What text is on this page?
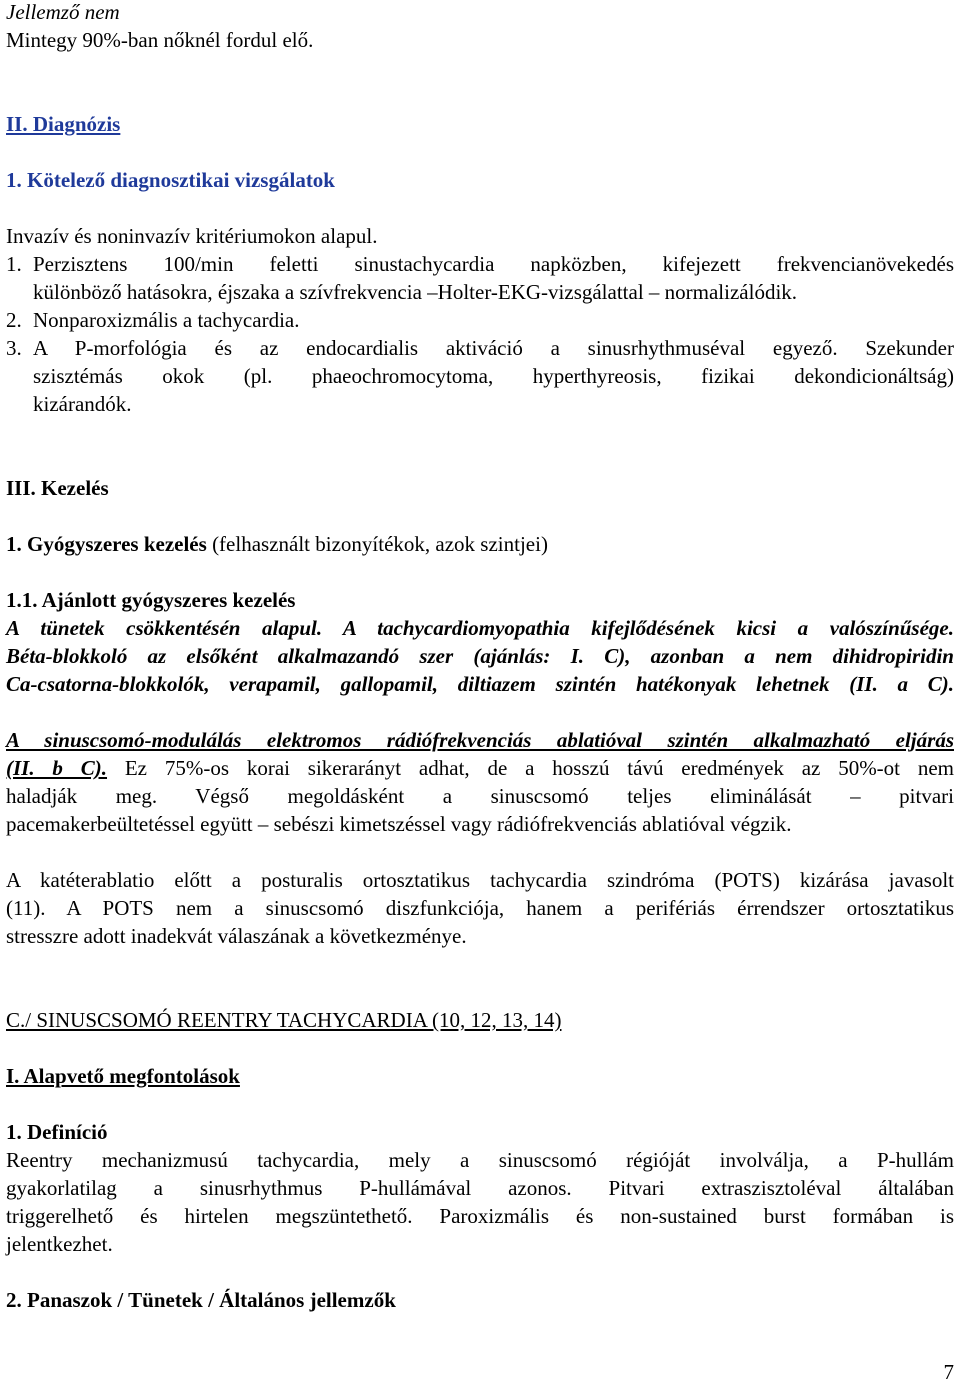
Jellemző nem
Mintegy 90%-ban nőknél fordul elő.
II. Diagnózis
1. Kötelező diagnosztikai vizsgálatok
Invazív és noninvazív kritériumokon alapul.
1. Perzisztens 100/min feletti sinustachycardia napközben, kifejezett frekvencianövekedés
különböző hatásokra, éjszaka a szívfrekvencia –Holter-EKG-vizsgálattal – normalizálódik.
2. Nonparoxizmális a tachycardia.
3. A P-morfológia és az endocardialis aktiváció a sinusrhythmuséval egyező. Szekunder
szisztémás okok (pl. phaeochromocytoma, hyperthyreosis, fizikai dekondicionáltság)
kizárandók.
III. Kezelés
1. Gyógyszeres kezelés (felhasznált bizonyítékok, azok szintjei)
1.1. Ajánlott gyógyszeres kezelés
A tünetek csökkentésén alapul. A tachycardiomyopathia kifejlődésének kicsi a valószínűsége.
Béta-blokkoló az elsőként alkalmazandó szer (ajánlás: I. C), azonban a nem dihidropiridin
Ca-csatorna-blokkolók, verapamil, gallopamil, diltiazem szintén hatékonyak lehetnek (II. a C).
A sinuscsomó-modulálás elektromos rádiófrekvenciás ablatióval szintén alkalmazható eljárás
(II. b C). Ez 75%-os korai sikerarányt adhat, de a hosszú távú eredmények az 50%-ot nem
haladják meg. Végső megoldásként a sinuscsomó teljes eliminálását – pitvari
pacemakerbeültetéssel együtt – sebészi kimetszéssel vagy rádiófrekvenciás ablatióval végzik.
A katéterablatio előtt a posturalis ortosztatikus tachycardia szindróma (POTS) kizárása javasolt
(11). A POTS nem a sinuscsomó diszfunkciója, hanem a perifériás érrendszer ortosztatikus
stresszre adott inadekvát válaszának a következménye.
C./ SINUSCSOMÓ REENTRY TACHYCARDIA (10, 12, 13, 14)
I. Alapvető megfontolások
1. Definíció
Reentry mechanizmusú tachycardia, mely a sinuscsomó régióját involválja, a P-hullám
gyakorlatilag a sinusrhythmus P-hullámával azonos. Pitvari extraszisztoléval általában
triggerelhető és hirtelen megszüntethető. Paroxizmális és non-sustained burst formában is
jelentkezhet.
2. Panaszok / Tünetek / Általános jellemzők
7
